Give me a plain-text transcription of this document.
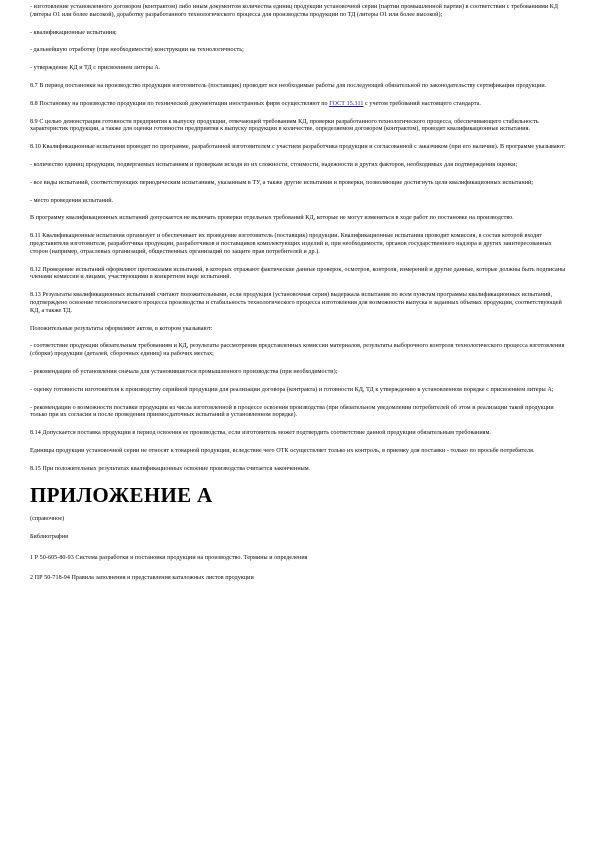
- изготовление установленного договором (контрактом) либо иным документом количества единиц продукции установочной серии (партии промышленной партии) в соответствии с требованиями КД (литеры О1 или более высокой), доработку разработанного технологического процесса для производства продукции по ТД (литеры О1 или более высокой);

- квалификационные испытания;

- дальнейшую отработку (при необходимости) конструкции на технологичность;

- утверждение КД и ТД с присвоением литеры А.

8.7 В период постановки на производство продукции изготовитель (поставщик) проводит все необходимые работы для последующей обязательной по законодательству сертификации продукции.

8.8 Постановку на производство продукции по технической документации иностранных фирм осуществляют по ГОСТ 15.311 с учетом требований настоящего стандарта.

8.9 С целью демонстрации готовности предприятия к выпуску продукции, отвечающей требованиям КД, проверки разработанного технологического процесса, обеспечивающего стабильность характеристик продукции, а также для оценки готовности предприятия к выпуску продукции в количестве, определяемом договором (контрактом), проводят квалификационные испытания.

8.10 Квалификационные испытания проводят по программе, разработанной изготовителем с участием разработчика продукции и согласованной с заказчиком (при его наличии). В программе указывают:

- количество единиц продукции, подвергаемых испытаниям и проверкам исходя из их сложности, стоимости, надежности и других факторов, необходимых для подтверждения оценки;

- все виды испытаний, соответствующих периодическим испытаниям, указанным в ТУ, а также другие испытания и проверки, позволяющие достигнуть цели квалификационных испытаний;

- место проведения испытаний.

В программу квалификационных испытаний допускается не включать проверки отдельных требований КД, которые не могут изменяться в ходе работ по постановке на производство.

8.11 Квалификационные испытания организует и обеспечивает их проведение изготовитель (поставщик) продукции. Квалификационные испытания проводит комиссия, в состав которой входят представители изготовителя, разработчика продукции, разработчиков и поставщиков комплектующих изделий и, при необходимости, органов государственного надзора и других заинтересованных сторон (например, отраслевых организаций, общественных организаций по защите прав потребителей и др.).

8.12 Проведение испытаний оформляют протоколами испытаний, в которых отражают фактические данные проверок, осмотров, контроля, измерений и другие данные, которые должны быть подписаны членами комиссии и лицами, участвующими в конкретном виде испытаний.

8.13 Результаты квалификационных испытаний считают положительными, если продукция (установочная серия) выдержала испытания по всем пунктам программы квалификационных испытаний, подтверждено освоение технологического процесса производства и стабильность технологического процесса изготовления для возможности выпуска в заданных объемах продукции, соответствующей КД, а также ТД.

Положительные результаты оформляют актом, в котором указывают:

- соответствие продукции обязательным требованиям и КД, результаты рассмотрения представленных комиссии материалов, результаты выборочного контроля технологического процесса изготовления (сборки) продукции (деталей, сборочных единиц) на рабочих местах;

- рекомендации об установлении сначала для установившегося промышленного производства (при необходимости);

- оценку готовности изготовителя к производству серийной продукции для реализации договора (контракта) и готовности КД, ТД к утверждению в установленном порядке с присвоением литеры А;

- рекомендации о возможности поставки продукции из числа изготовленной в процессе освоения производства (при обязательном уведомлении потребителей об этом и реализации такой продукции только при их согласии и после проведения приемосдаточных испытаний в установленном порядке).

8.14 Допускается поставка продукции в период освоения ее производства, если изготовитель может подтвердить соответствие данной продукции обязательным требованиям.

Единицы продукции установочной серии не относят к товарной продукции, вследствие чего ОТК осуществляет только их контроль, в приемку для поставки - только по просьбе потребителя.

8.15 При положительных результатах квалификационных освоение производства считается законченным.

ПРИЛОЖЕНИЕ А

(справочное)

Библиография

1 Р 50-605-80-93 Система разработки и постановки продукции на производство. Термины и определения

2 ПР 50-718-94 Правила заполнения и представления каталожных листов продукции
